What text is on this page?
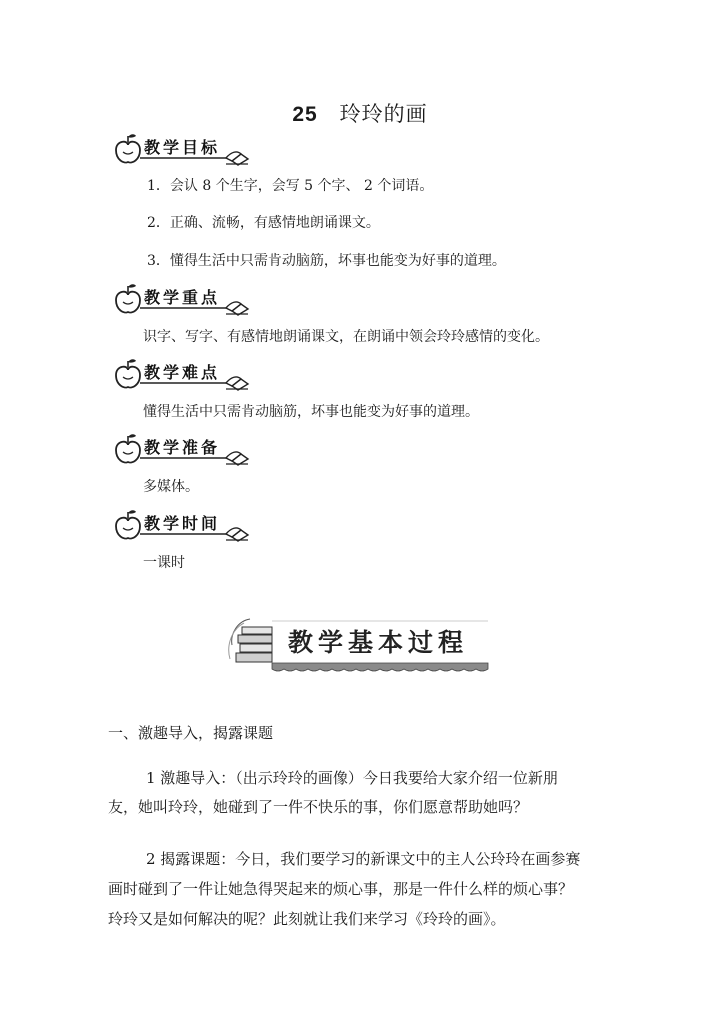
25 玲玲的画
教学目标
1．会认 8 个生字，会写 5 个字、 2 个词语。
2．正确、流畅，有感情地朗诵课文。
3．懂得生活中只需肯动脑筋，坏事也能变为好事的道理。
教学重点
识字、写字、有感情地朗诵课文，在朗诵中领会玲玲感情的变化。
教学难点
懂得生活中只需肯动脑筋，坏事也能变为好事的道理。
教学准备
多媒体。
教学时间
一课时
教学基本过程
一、激趣导入，揭露课题
1 激趣导入：（出示玲玲的画像）今日我要给大家介绍一位新朋
友，她叫玲玲，她碰到了一件不快乐的事，你们愿意帮助她吗？
2 揭露课题：今日，我们要学习的新课文中的主人公玲玲在画参赛
画时碰到了一件让她急得哭起来的烦心事，那是一件什么样的烦心事？
玲玲又是如何解决的呢？此刻就让我们来学习《玲玲的画》。
